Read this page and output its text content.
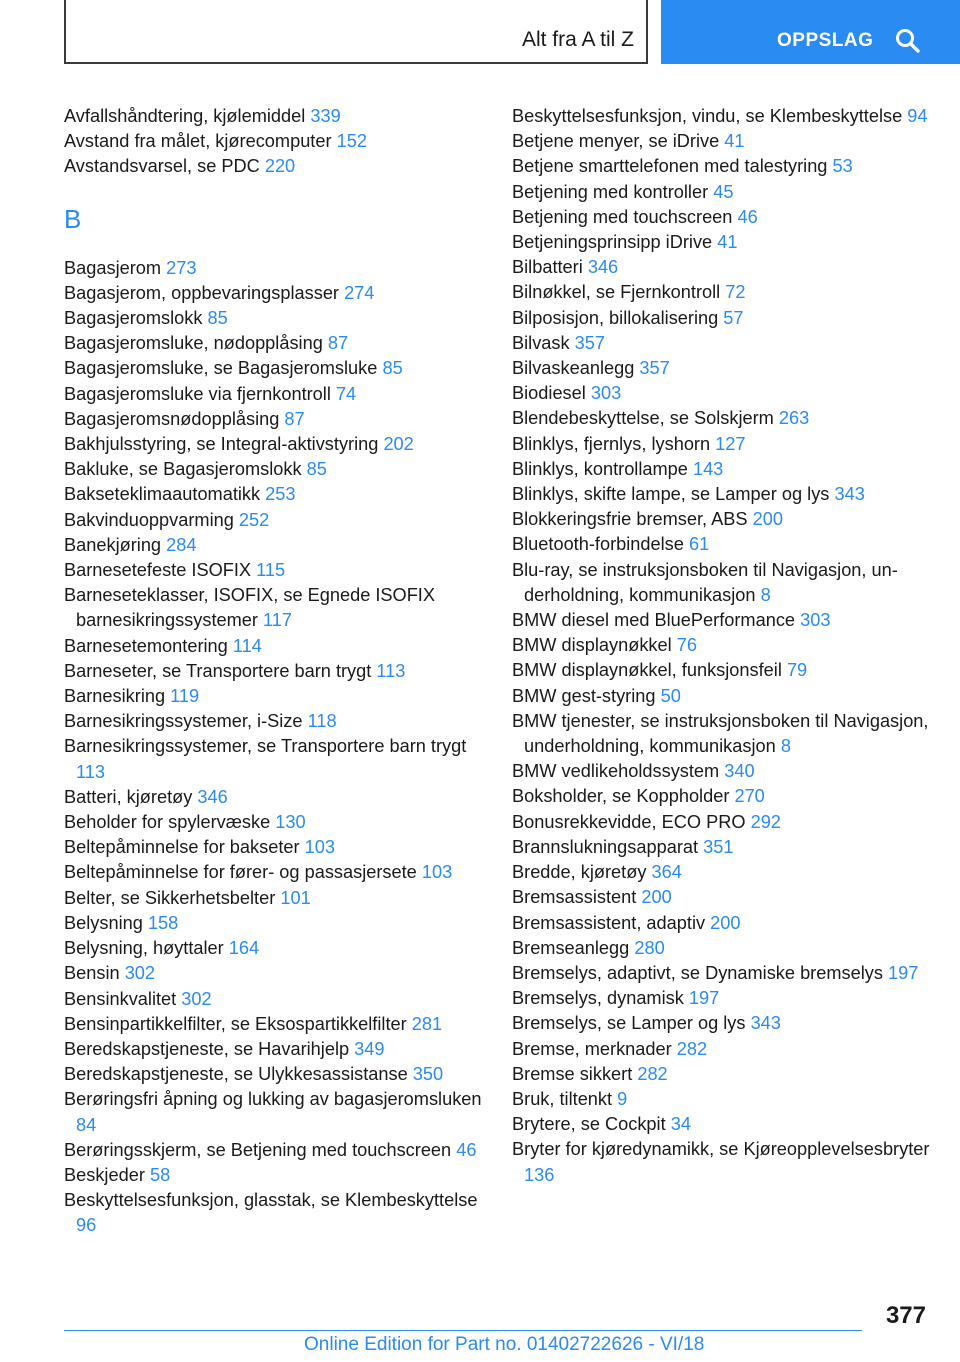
Alt fra A til Z	OPPSLAG

Avfallshåndtering, kjølemiddel 339

Avstand fra målet, kjørecomputer 152

Avstandsvarsel, se PDC 220

B

Bagasjerom 273

Bagasjerom, oppbevaringsplasser 274

Bagasjeromslokk 85

Bagasjeromsluke, nødopplåsing 87

Bagasjeromsluke, se Bagasjeromsluke 85

Bagasjeromsluke via fjernkontroll 74

Bagasjeromsnødopplåsing 87

Bakhjulsstyring, se Integral-aktivstyring 202

Bakluke, se Bagasjeromslokk 85

Bakseteklimaautomatikk 253

Bakvinduoppvarming 252

Banekjøring 284

Barnesetefeste ISOFIX 115

Barneseteklasser, ISOFIX, se Egnede ISOFIX barnesikringssystemer 117

Barnesetemontering 114

Barneseter, se Transportere barn trygt 113

Barnesikring 119

Barnesikringssystemer, i-Size 118

Barnesikringssystemer, se Transportere barn trygt 113

Batteri, kjøretøy 346

Beholder for spylervæske 130

Beltepåminnelse for bakseter 103

Beltepåminnelse for fører- og passasjersete 103

Belter, se Sikkerhetsbelter 101

Belysning 158

Belysning, høyttaler 164

Bensin 302

Bensinkvalitet 302

Bensinpartikkelfilter, se Eksospartikkelfilter 281

Beredskapstjeneste, se Havarihjelp 349

Beredskapstjeneste, se Ulykkesassistanse 350

Berøringsfri åpning og lukking av bagasjeromsluken 84

Berøringsskjerm, se Betjening med touchscreen 46

Beskjeder 58

Beskyttelsesfunksjon, glasstak, se Klembeskyttelse 96

Beskyttelsesfunksjon, vindu, se Klembeskyttelse 94

Betjene menyer, se iDrive 41

Betjene smarttelefonen med talestyring 53

Betjening med kontroller 45

Betjening med touchscreen 46

Betjeningsprinsipp iDrive 41

Bilbatteri 346

Bilnøkkel, se Fjernkontroll 72

Bilposisjon, billokalisering 57

Bilvask 357

Bilvaskeanlegg 357

Biodiesel 303

Blendebeskyttelse, se Solskjerm 263

Blinklys, fjernlys, lyshorn 127

Blinklys, kontrollampe 143

Blinklys, skifte lampe, se Lamper og lys 343

Blokkeringsfrie bremser, ABS 200

Bluetooth-forbindelse 61

Blu-ray, se instruksjonsboken til Navigasjon, underholdning, kommunikasjon 8

BMW diesel med BluePerformance 303

BMW displaynøkkel 76

BMW displaynøkkel, funksjonsfeil 79

BMW gest-styring 50

BMW tjenester, se instruksjonsboken til Navigasjon, underholdning, kommunikasjon 8

BMW vedlikeholdssystem 340

Boksholder, se Koppholder 270

Bonusrekkevidde, ECO PRO 292

Brannslukningsapparat 351

Bredde, kjøretøy 364

Bremsassistent 200

Bremsassistent, adaptiv 200

Bremseanlegg 280

Bremselys, adaptivt, se Dynamiske bremselys 197

Bremselys, dynamisk 197

Bremselys, se Lamper og lys 343

Bremse, merknader 282

Bremse sikkert 282

Bruk, tiltenkt 9

Brytere, se Cockpit 34

Bryter for kjøredynamikk, se Kjøreopplevelsesbryter 136

377
Online Edition for Part no. 01402722626 - VI/18
